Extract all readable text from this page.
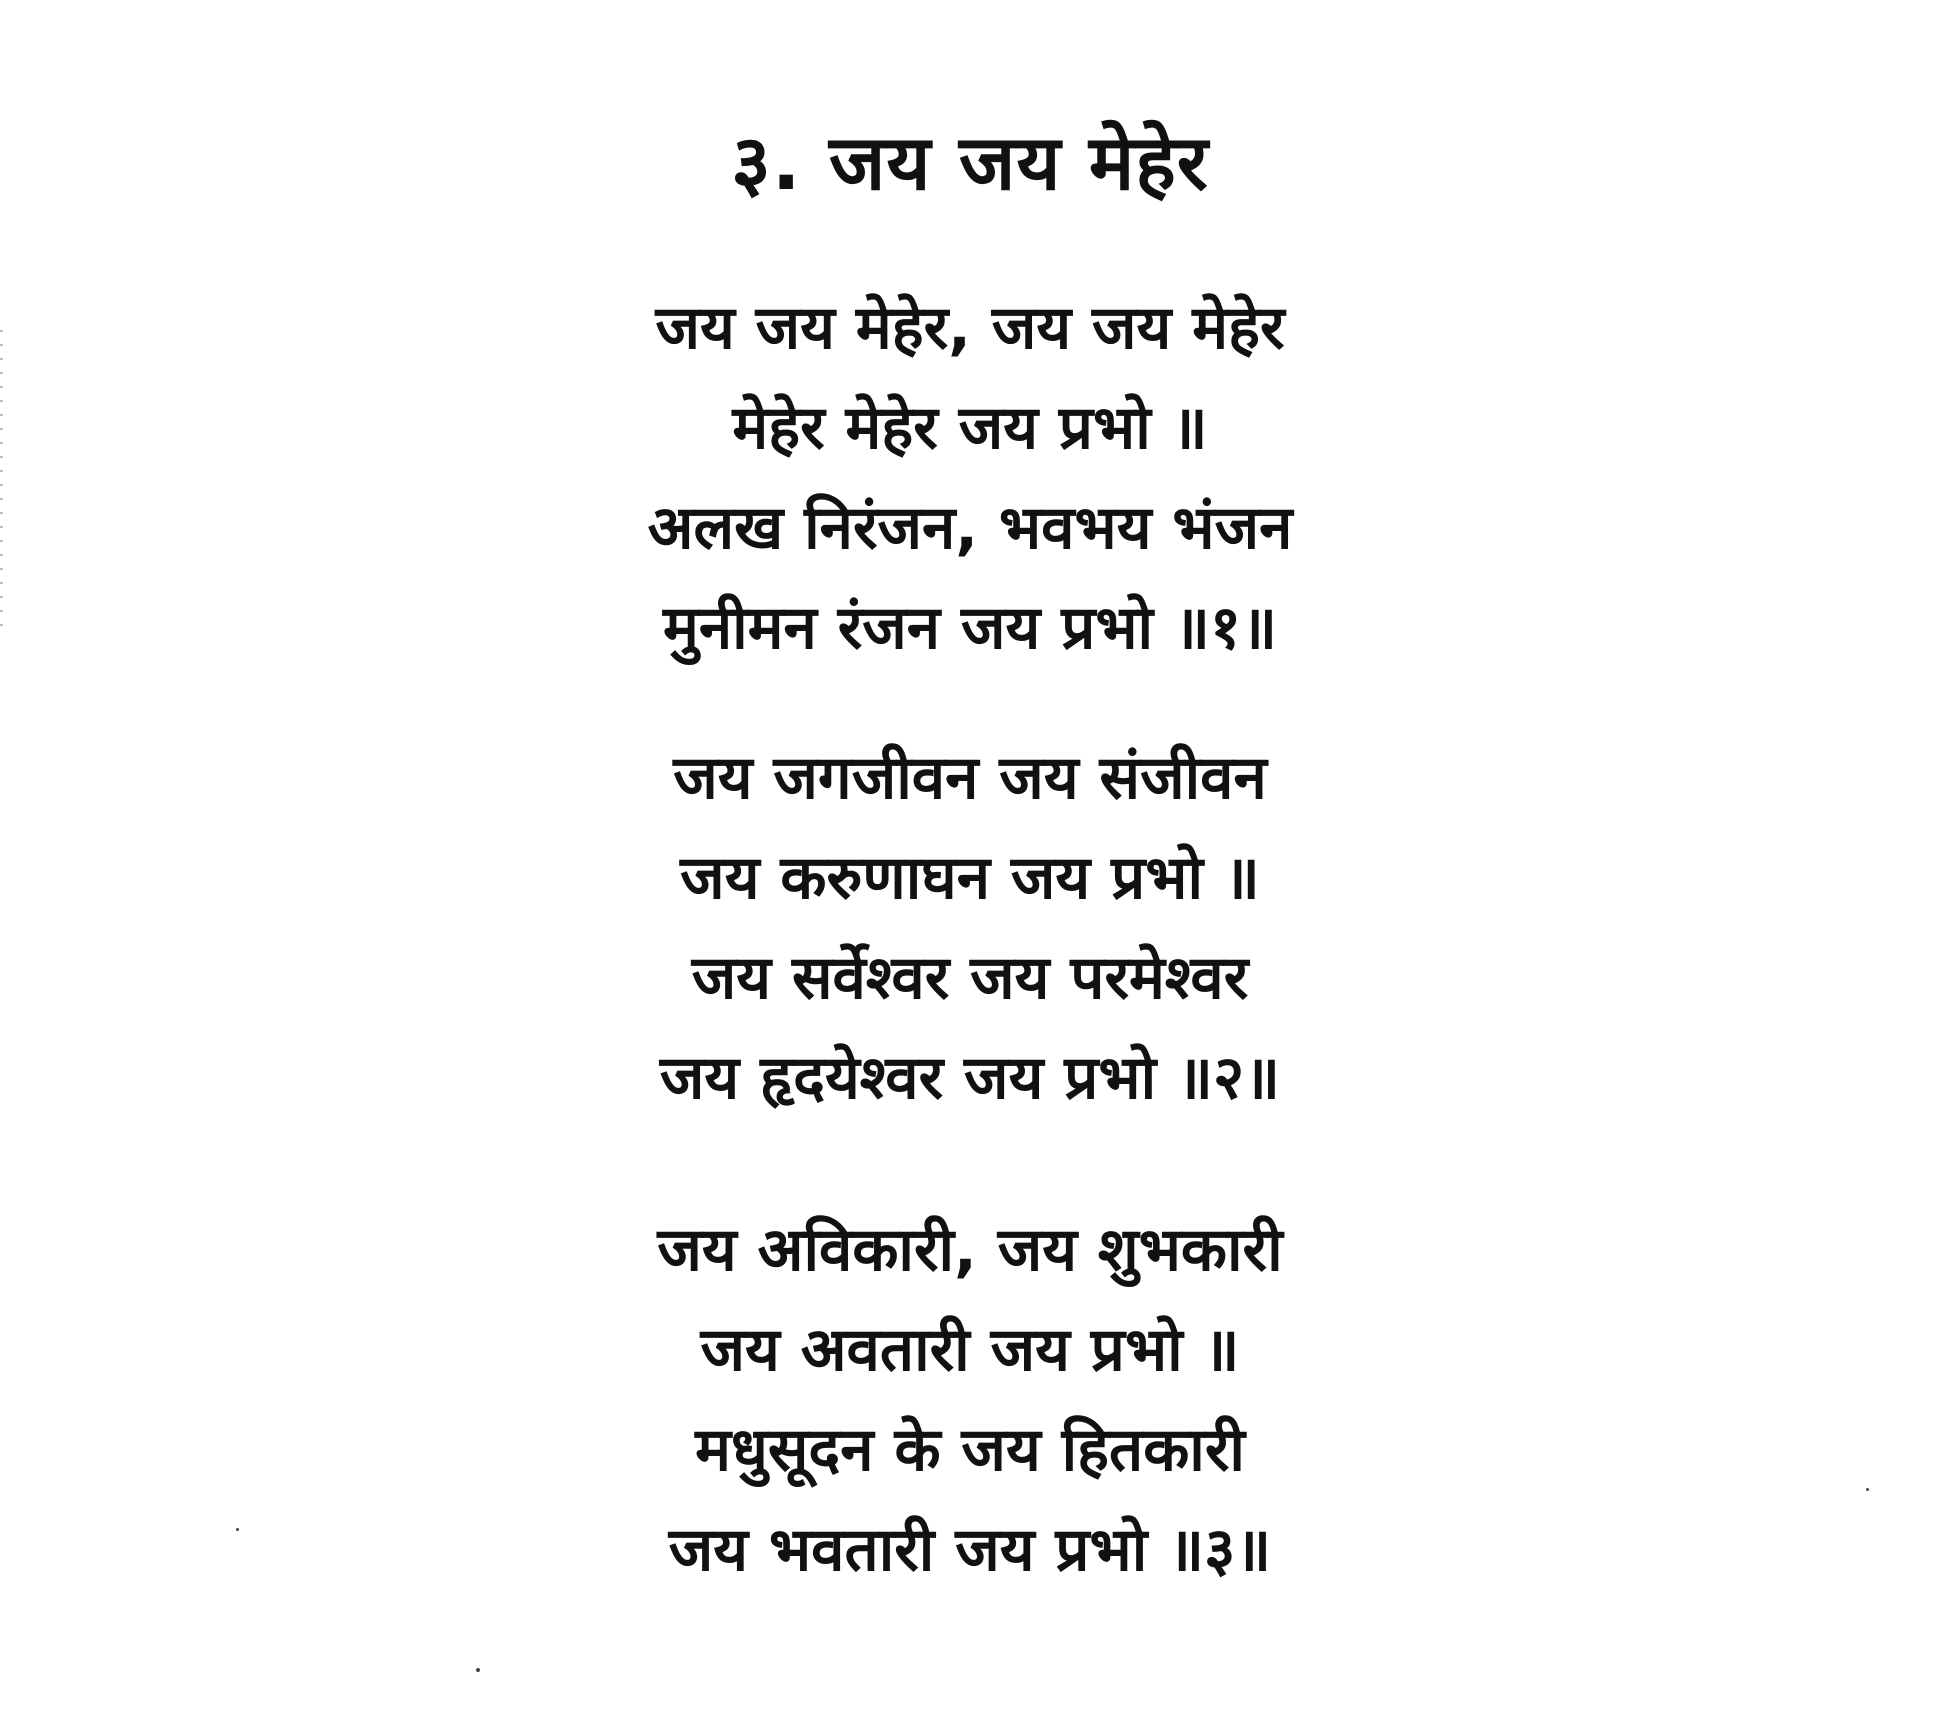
३. जय जय मेहेर
जय जय मेहेर, जय जय मेहेर
मेहेर मेहेर जय प्रभो ॥
अलख निरंजन, भवभय भंजन
मुनीमन रंजन जय प्रभो ॥१॥
जय जगजीवन जय संजीवन
जय करुणाघन जय प्रभो ॥
जय सर्वेश्वर जय परमेश्वर
जय हृदयेश्वर जय प्रभो ॥२॥
जय अविकारी, जय शुभकारी
जय अवतारी जय प्रभो ॥
मधुसूदन के जय हितकारी
जय भवतारी जय प्रभो ॥३॥
